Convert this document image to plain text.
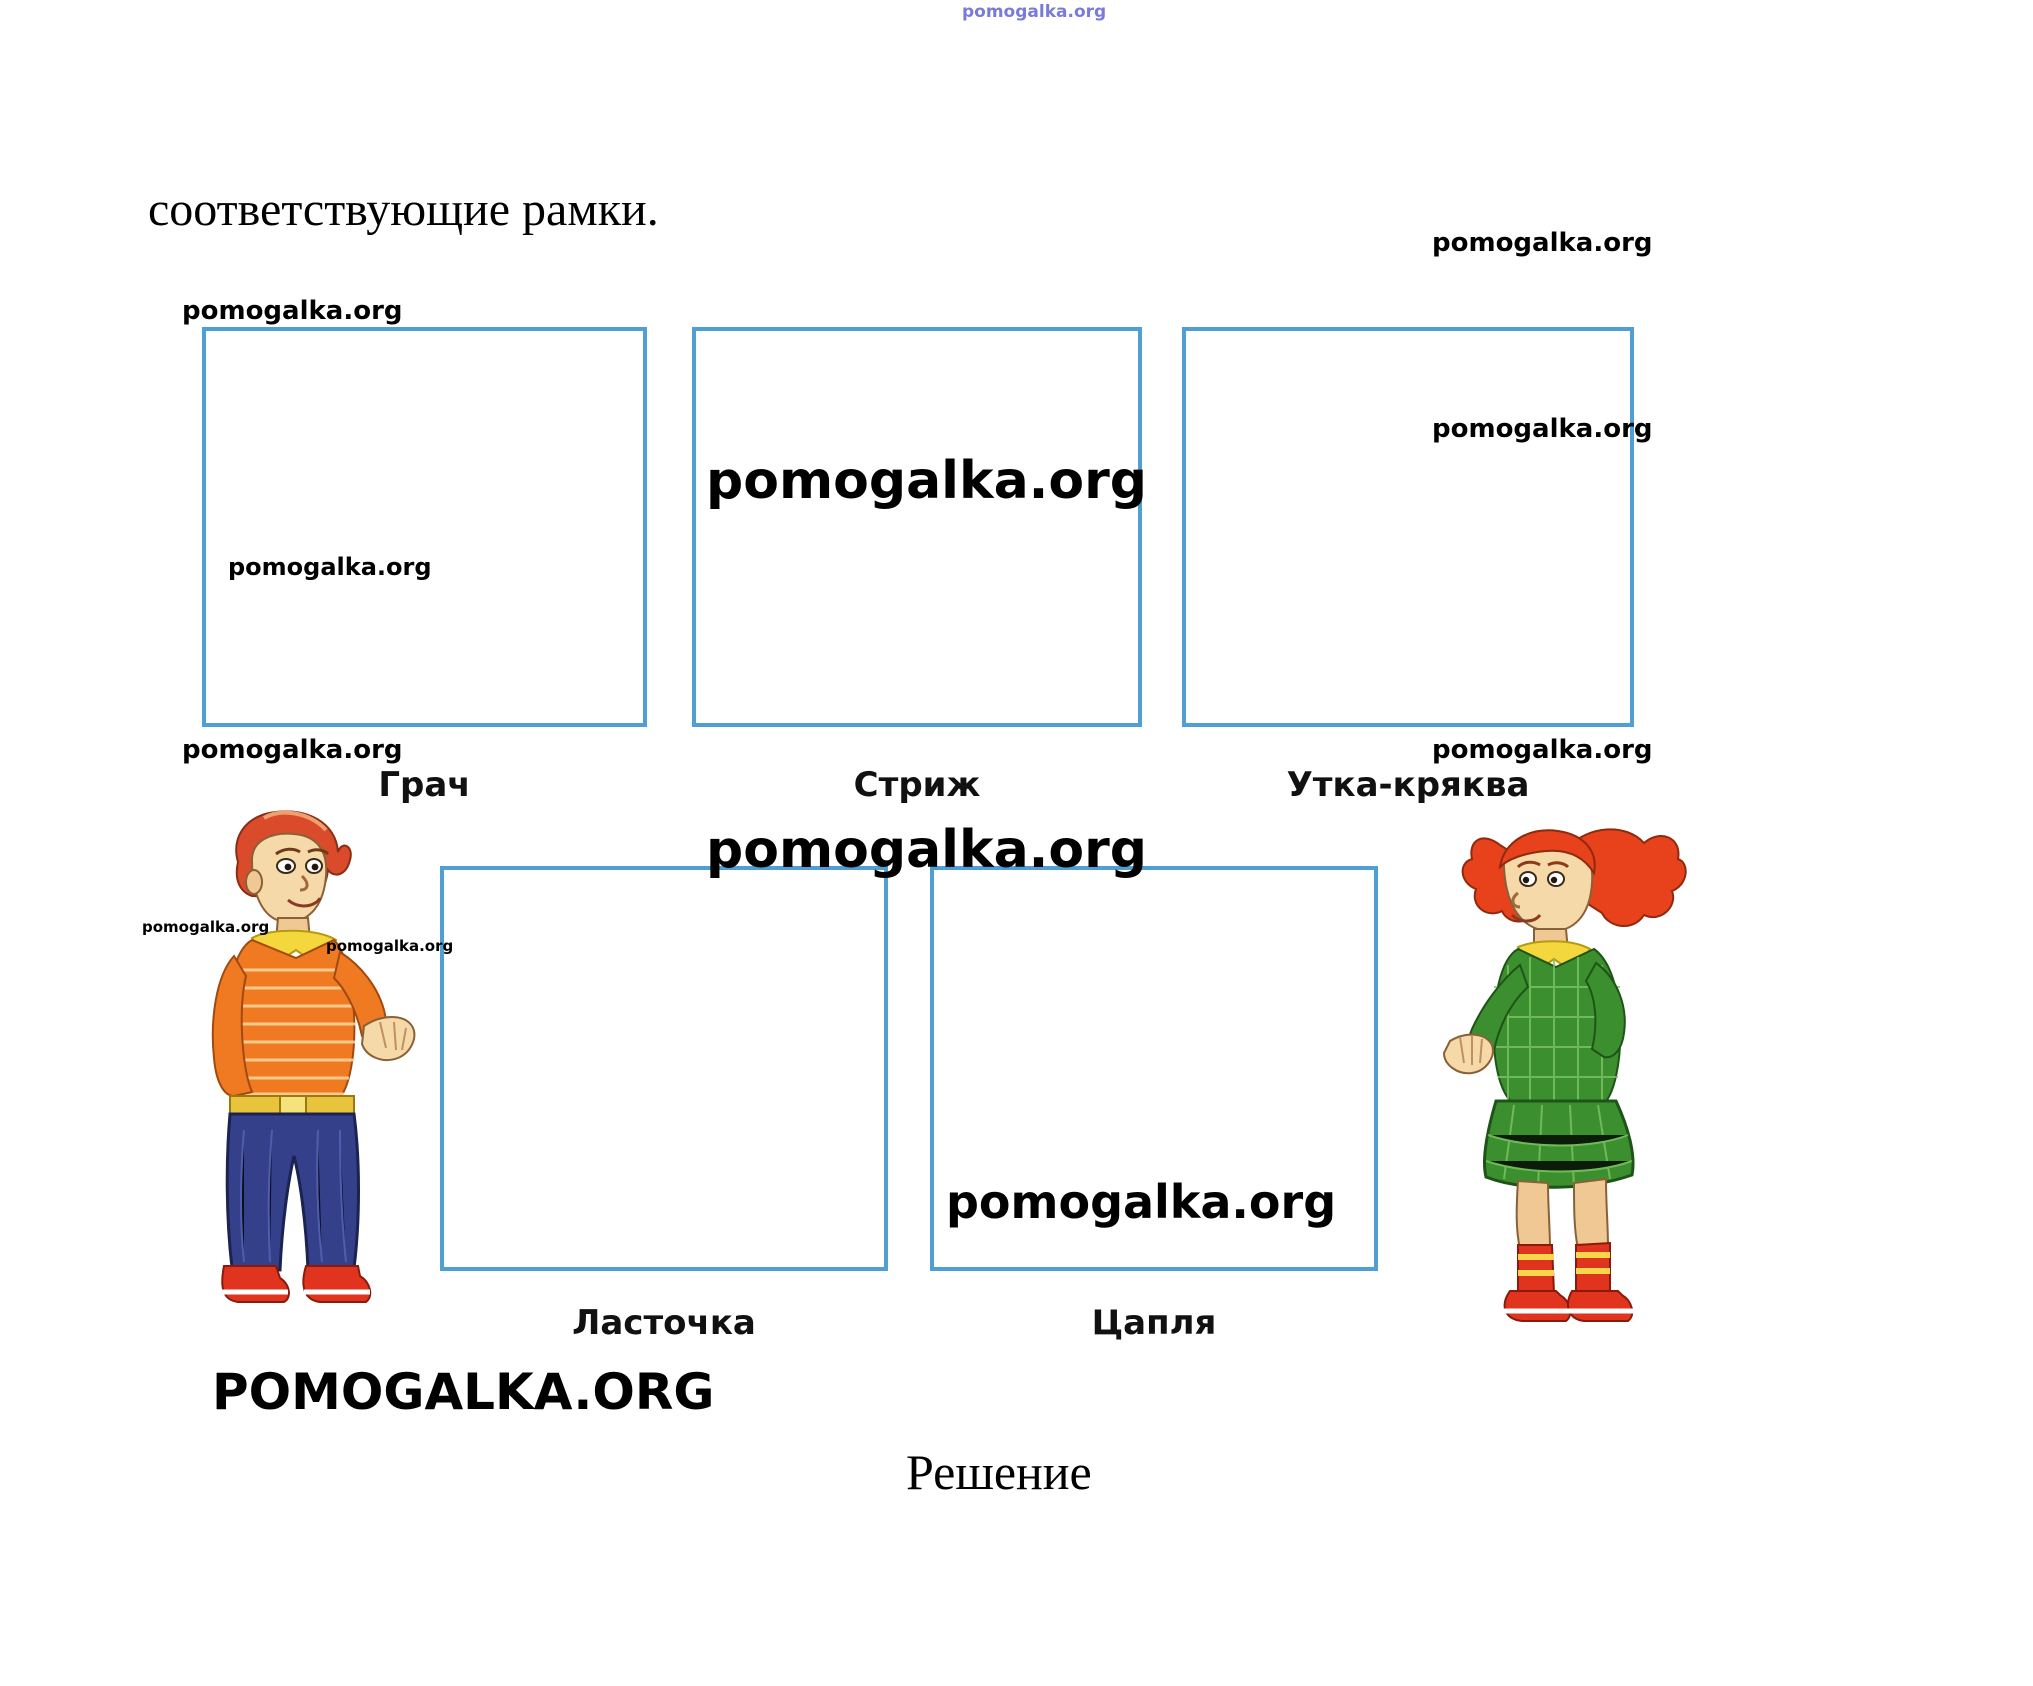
соответствующие рамки.
Грач	Стриж	Утка-кряква
Ласточка	Цапля
Решение
pomogalka.org
pomogalka.org
pomogalka.org
pomogalka.org
pomogalka.org
pomogalka.org
pomogalka.org	pomogalka.org
pomogalka.org
pomogalka.org
pomogalka.org
pomogalka.org
POMOGALKA.ORG
